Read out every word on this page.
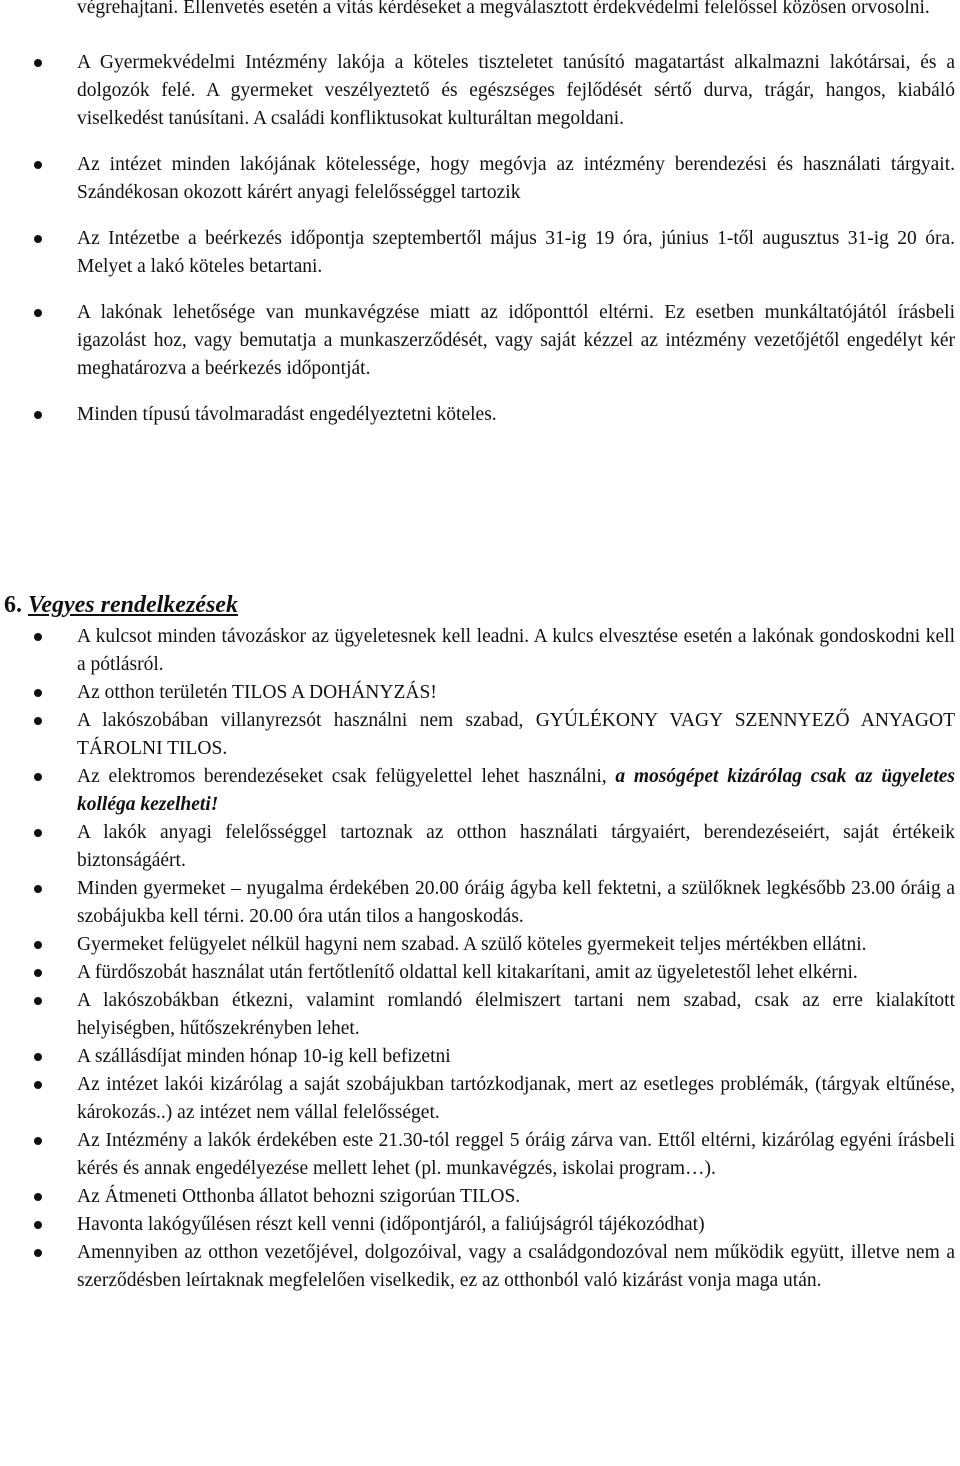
végrehajtani. Ellenvetés esetén a vitás kérdéseket a megválasztott érdekvédelmi felelőssel közösen orvosolni.
A Gyermekvédelmi Intézmény lakója a köteles tiszteletet tanúsító magatartást alkalmazni lakótársai, és a dolgozók felé. A gyermeket veszélyeztető és egészséges fejlődését sértő durva, trágár, hangos, kiabáló viselkedést tanúsítani. A családi konfliktusokat kulturáltan megoldani.
Az intézet minden lakójának kötelessége, hogy megóvja az intézmény berendezési és használati tárgyait. Szándékosan okozott kárért anyagi felelősséggel tartozik
Az Intézetbe a beérkezés időpontja szeptembertől május 31-ig 19 óra, június 1-től augusztus 31-ig 20 óra. Melyet a lakó köteles betartani.
A lakónak lehetősége van munkavégzése miatt az időponttól eltérni. Ez esetben munkáltatójától írásbeli igazolást hoz, vagy bemutatja a munkaszerződését, vagy saját kézzel az intézmény vezetőjétől engedélyt kér meghatározva a beérkezés időpontját.
Minden típusú távolmaradást engedélyeztetni köteles.
6. Vegyes rendelkezések
A kulcsot minden távozáskor az ügyeletesnek kell leadni. A kulcs elvesztése esetén a lakónak gondoskodni kell a pótlásról.
Az otthon területén TILOS A DOHÁNYZÁS!
A lakószobában villanyrezsót használni nem szabad, GYÚLÉKONY VAGY SZENNYEZŐ ANYAGOT TÁROLNI TILOS.
Az elektromos berendezéseket csak felügyelettel lehet használni, a mosógépet kizárólag csak az ügyeletes kolléga kezelheti!
A lakók anyagi felelősséggel tartoznak az otthon használati tárgyaiért, berendezéseiért, saját értékeik biztonságáért.
Minden gyermeket – nyugalma érdekében 20.00 óráig ágyba kell fektetni, a szülőknek legkésőbb 23.00 óráig a szobájukba kell térni. 20.00 óra után tilos a hangoskodás.
Gyermeket felügyelet nélkül hagyni nem szabad. A szülő köteles gyermekeit teljes mértékben ellátni.
A fürdőszobát használat után fertőtlenítő oldattal kell kitakarítani, amit az ügyeletestől lehet elkérni.
A lakószobákban étkezni, valamint romlandó élelmiszert tartani nem szabad, csak az erre kialakított helyiségben, hűtőszekrényben lehet.
A szállásdíjat minden hónap 10-ig kell befizetni
Az intézet lakói kizárólag a saját szobájukban tartózkodjanak, mert az esetleges problémák, (tárgyak eltűnése, károkozás..) az intézet nem vállal felelősséget.
Az Intézmény a lakók érdekében este 21.30-tól reggel 5 óráig zárva van. Ettől eltérni, kizárólag egyéni írásbeli kérés és annak engedélyezése mellett lehet (pl. munkavégzés, iskolai program…).
Az Átmeneti Otthonba állatot behozni szigorúan TILOS.
Havonta lakógyűlésen részt kell venni (időpontjáról, a faliújságról tájékozódhat)
Amennyiben az otthon vezetőjével, dolgozóival, vagy a családgondozóval nem működik együtt, illetve nem a szerződésben leírtaknak megfelelően viselkedik, ez az otthonból való kizárást vonja maga után.
